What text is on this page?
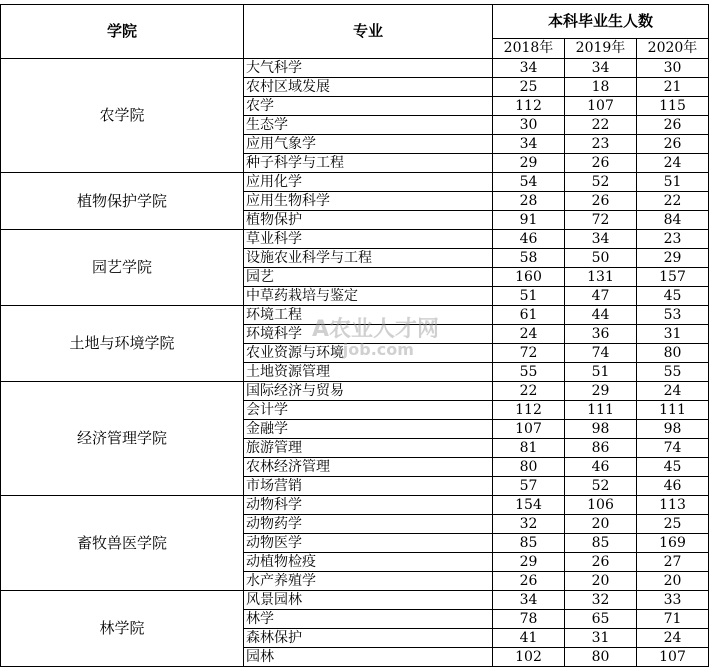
学院	专业	本科毕业生人数		
		2018年	2019年	2020年
农学院	大气科学	34	34	30
	农村区域发展	25	18	21
	农学	112	107	115
	生态学	30	22	26
	应用气象学	34	23	26
	种子科学与工程	29	26	24
植物保护学院	应用化学	54	52	51
	应用生物科学	28	26	22
	植物保护	91	72	84
园艺学院	草业科学	46	34	23
	设施农业科学与工程	58	50	29
	园艺	160	131	157
	中草药栽培与鉴定	51	47	45
土地与环境学院	环境工程	61	44	53
	环境科学	24	36	31
	农业资源与环境	72	74	80
	土地资源管理	55	51	55
经济管理学院	国际经济与贸易	22	29	24
	会计学	112	111	111
	金融学	107	98	98
	旅游管理	81	86	74
	农林经济管理	80	46	45
	市场营销	57	52	46
畜牧兽医学院	动物科学	154	106	113
	动物药学	32	20	25
	动物医学	85	85	169
	动植物检疫	29	26	27
	水产养殖学	26	20	20
林学院	风景园林	34	32	33
	林学	78	65	71
	森林保护	41	31	24
	园林	102	80	107
A农业人才网
ajob.com
